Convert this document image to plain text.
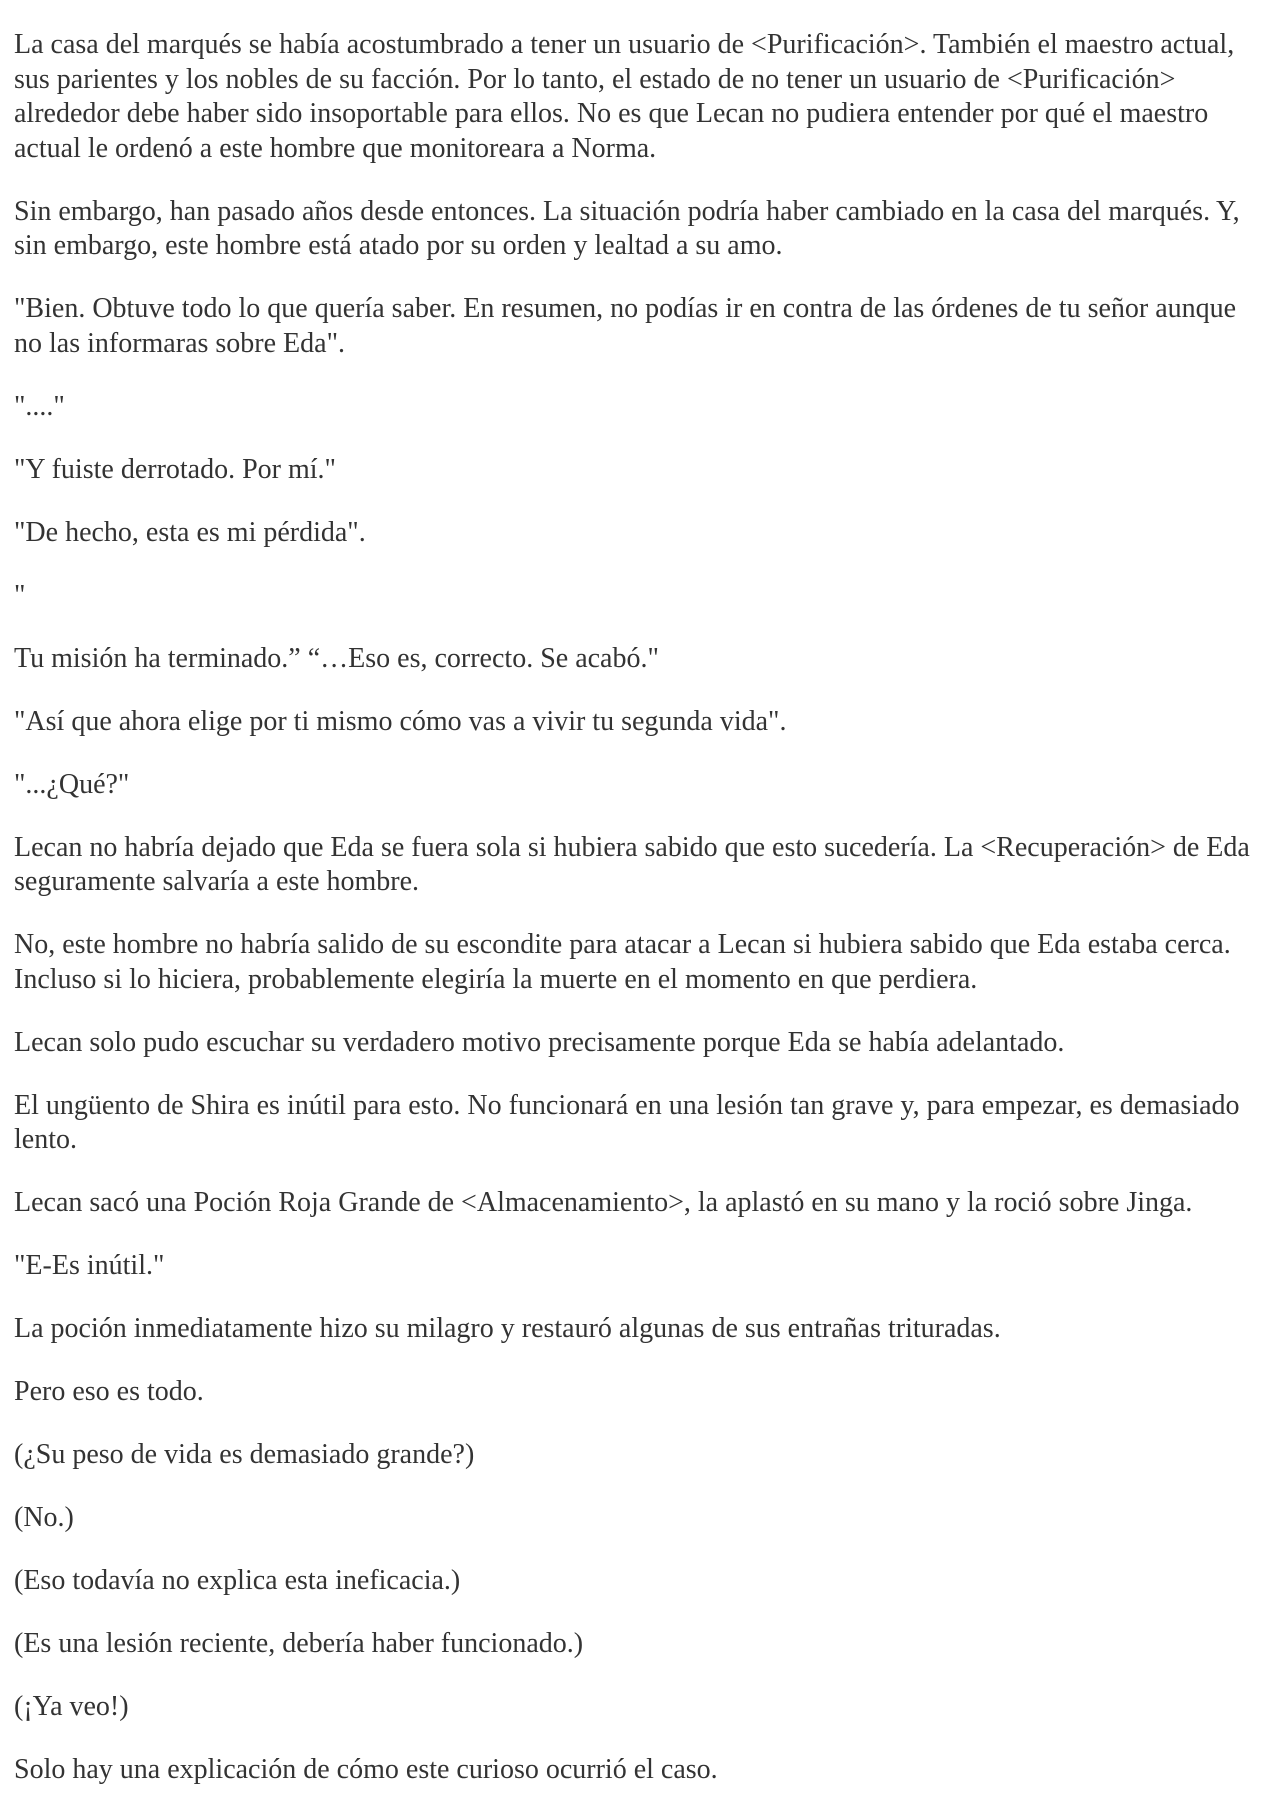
La casa del marqués se había acostumbrado a tener un usuario de <Purificación>. También el maestro actual, sus parientes y los nobles de su facción. Por lo tanto, el estado de no tener un usuario de <Purificación> alrededor debe haber sido insoportable para ellos. No es que Lecan no pudiera entender por qué el maestro actual le ordenó a este hombre que monitoreara a Norma.

Sin embargo, han pasado años desde entonces. La situación podría haber cambiado en la casa del marqués. Y, sin embargo, este hombre está atado por su orden y lealtad a su amo.

"Bien. Obtuve todo lo que quería saber. En resumen, no podías ir en contra de las órdenes de tu señor aunque no las informaras sobre Eda".

"...."

"Y fuiste derrotado. Por mí."

"De hecho, esta es mi pérdida".

"

Tu misión ha terminado.” “…Eso es, correcto. Se acabó."

"Así que ahora elige por ti mismo cómo vas a vivir tu segunda vida".

"...¿Qué?"

Lecan no habría dejado que Eda se fuera sola si hubiera sabido que esto sucedería. La <Recuperación> de Eda seguramente salvaría a este hombre.

No, este hombre no habría salido de su escondite para atacar a Lecan si hubiera sabido que Eda estaba cerca. Incluso si lo hiciera, probablemente elegiría la muerte en el momento en que perdiera.

Lecan solo pudo escuchar su verdadero motivo precisamente porque Eda se había adelantado.

El ungüento de Shira es inútil para esto. No funcionará en una lesión tan grave y, para empezar, es demasiado lento.

Lecan sacó una Poción Roja Grande de <Almacenamiento>, la aplastó en su mano y la roció sobre Jinga.

"E-Es inútil."

La poción inmediatamente hizo su milagro y restauró algunas de sus entrañas trituradas.

Pero eso es todo.

(¿Su peso de vida es demasiado grande?)

(No.)

(Eso todavía no explica esta ineficacia.)

(Es una lesión reciente, debería haber funcionado.)

(¡Ya veo!)

Solo hay una explicación de cómo este curioso ocurrió el caso.
